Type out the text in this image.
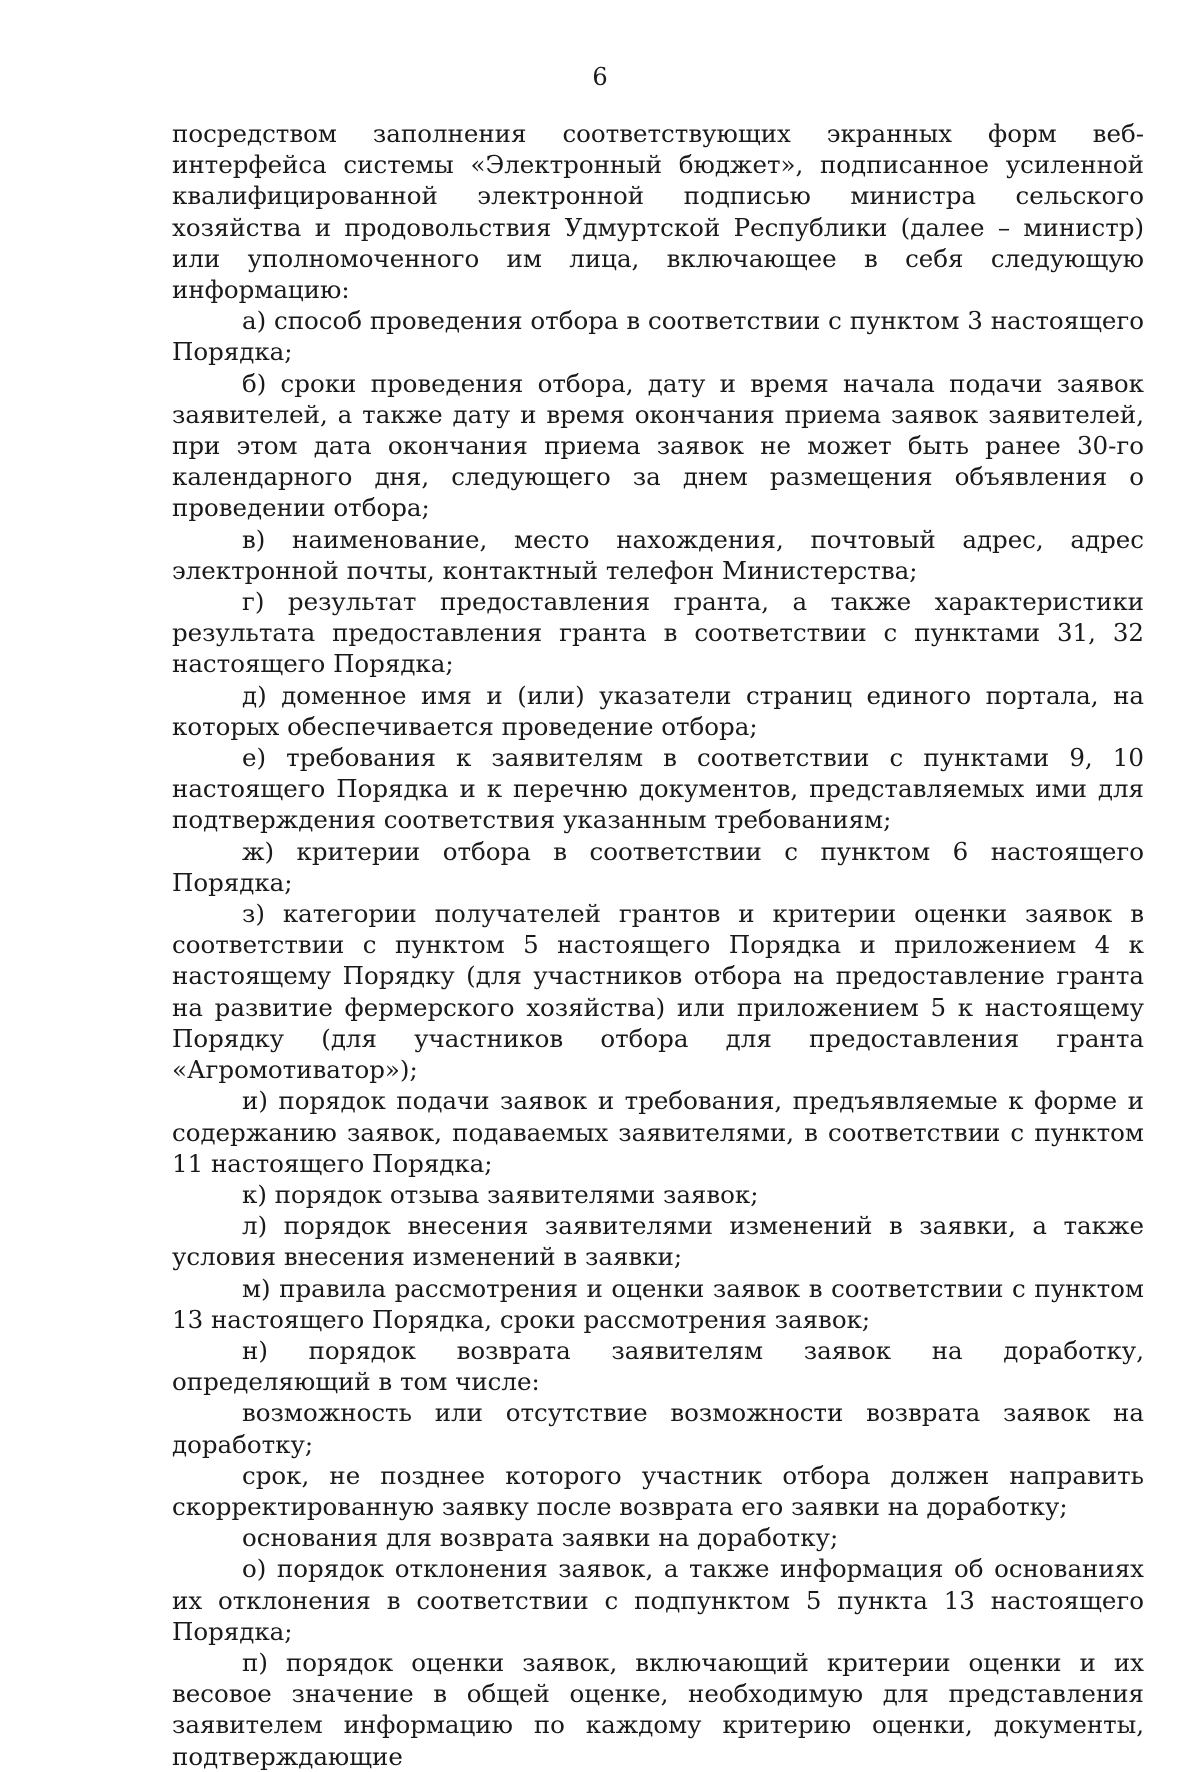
6

посредством заполнения соответствующих экранных форм веб-интерфейса системы «Электронный бюджет», подписанное усиленной квалифицированной электронной подписью министра сельского хозяйства и продовольствия Удмуртской Республики (далее – министр) или уполномоченного им лица, включающее в себя следующую информацию:

а) способ проведения отбора в соответствии с пунктом 3 настоящего Порядка;

б) сроки проведения отбора, дату и время начала подачи заявок заявителей, а также дату и время окончания приема заявок заявителей, при этом дата окончания приема заявок не может быть ранее 30-го календарного дня, следующего за днем размещения объявления о проведении отбора;

в) наименование, место нахождения, почтовый адрес, адрес электронной почты, контактный телефон Министерства;

г) результат предоставления гранта, а также характеристики результата предоставления гранта в соответствии с пунктами 31, 32 настоящего Порядка;

д) доменное имя и (или) указатели страниц единого портала, на которых обеспечивается проведение отбора;

е) требования к заявителям в соответствии с пунктами 9, 10 настоящего Порядка и к перечню документов, представляемых ими для подтверждения соответствия указанным требованиям;

ж) критерии отбора в соответствии с пунктом 6 настоящего Порядка;

з) категории получателей грантов и критерии оценки заявок в соответствии с пунктом 5 настоящего Порядка и приложением 4 к настоящему Порядку (для участников отбора на предоставление гранта на развитие фермерского хозяйства) или приложением 5 к настоящему Порядку (для участников отбора для предоставления гранта «Агромотиватор»);

и) порядок подачи заявок и требования, предъявляемые к форме и содержанию заявок, подаваемых заявителями, в соответствии с пунктом 11 настоящего Порядка;

к) порядок отзыва заявителями заявок;

л) порядок внесения заявителями изменений в заявки, а также условия внесения изменений в заявки;

м) правила рассмотрения и оценки заявок в соответствии с пунктом 13 настоящего Порядка, сроки рассмотрения заявок;

н) порядок возврата заявителям заявок на доработку, определяющий в том числе:

возможность или отсутствие возможности возврата заявок на доработку;

срок, не позднее которого участник отбора должен направить скорректированную заявку после возврата его заявки на доработку;

основания для возврата заявки на доработку;

о) порядок отклонения заявок, а также информация об основаниях их отклонения в соответствии с подпунктом 5 пункта 13 настоящего Порядка;

п) порядок оценки заявок, включающий критерии оценки и их весовое значение в общей оценке, необходимую для представления заявителем информацию по каждому критерию оценки, документы, подтверждающие
